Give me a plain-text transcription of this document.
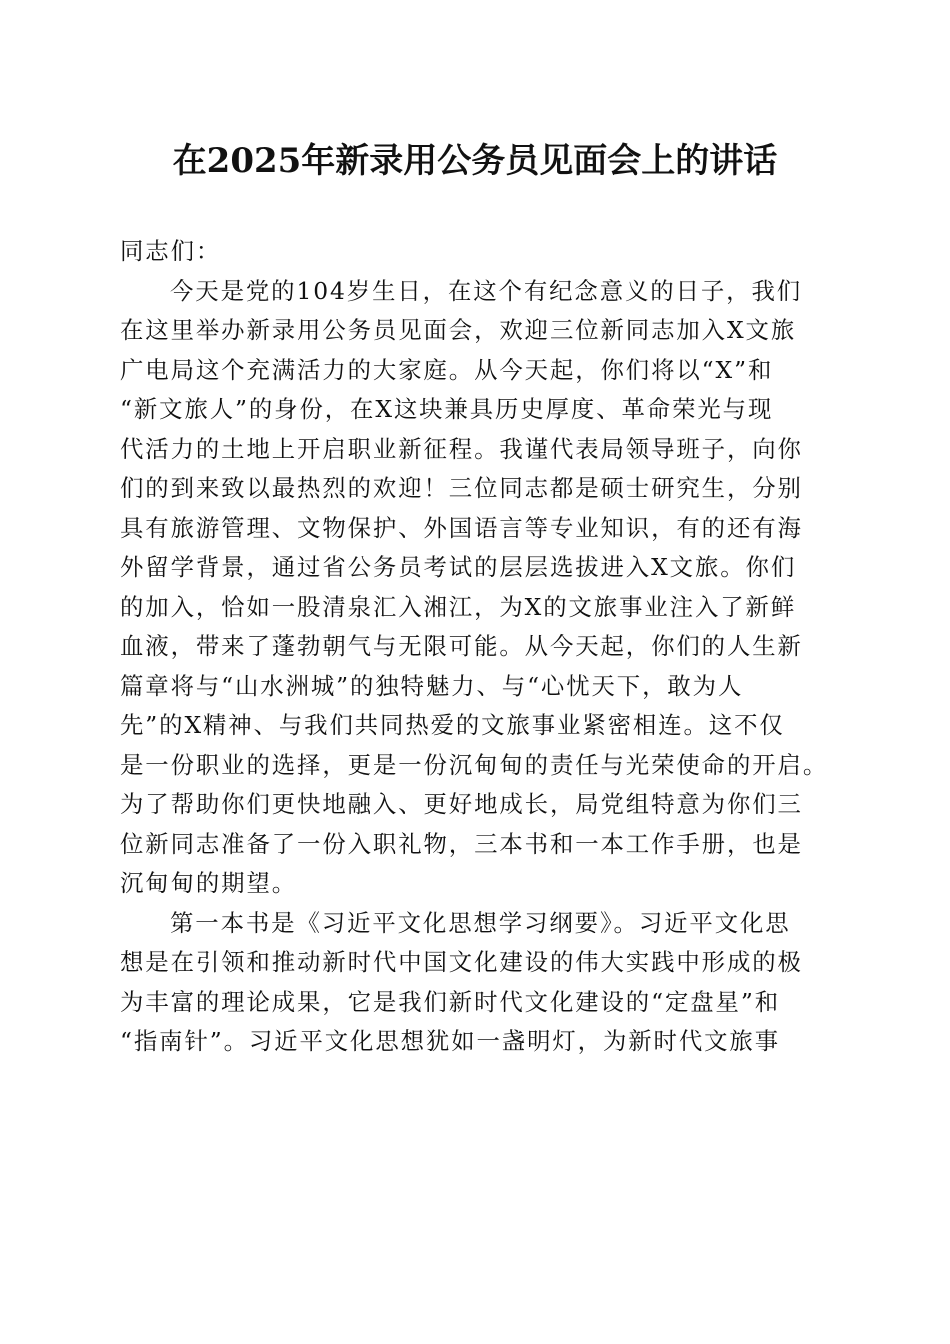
在2025年新录用公务员见面会上的讲话
同志们：
今天是党的104岁生日，在这个有纪念意义的日子，我们
在这里举办新录用公务员见面会，欢迎三位新同志加入X文旅
广电局这个充满活力的大家庭。从今天起，你们将以“X”和
“新文旅人”的身份，在X这块兼具历史厚度、革命荣光与现
代活力的土地上开启职业新征程。我谨代表局领导班子，向你
们的到来致以最热烈的欢迎！三位同志都是硕士研究生，分别
具有旅游管理、文物保护、外国语言等专业知识，有的还有海
外留学背景，通过省公务员考试的层层选拔进入X文旅。你们
的加入，恰如一股清泉汇入湘江，为X的文旅事业注入了新鲜
血液，带来了蓬勃朝气与无限可能。从今天起，你们的人生新
篇章将与“山水洲城”的独特魅力、与“心忧天下，敢为人
先”的X精神、与我们共同热爱的文旅事业紧密相连。这不仅
是一份职业的选择，更是一份沉甸甸的责任与光荣使命的开启。
为了帮助你们更快地融入、更好地成长，局党组特意为你们三
位新同志准备了一份入职礼物，三本书和一本工作手册，也是
沉甸甸的期望。
第一本书是《习近平文化思想学习纲要》。习近平文化思
想是在引领和推动新时代中国文化建设的伟大实践中形成的极
为丰富的理论成果，它是我们新时代文化建设的“定盘星”和
“指南针”。习近平文化思想犹如一盏明灯，为新时代文旅事
